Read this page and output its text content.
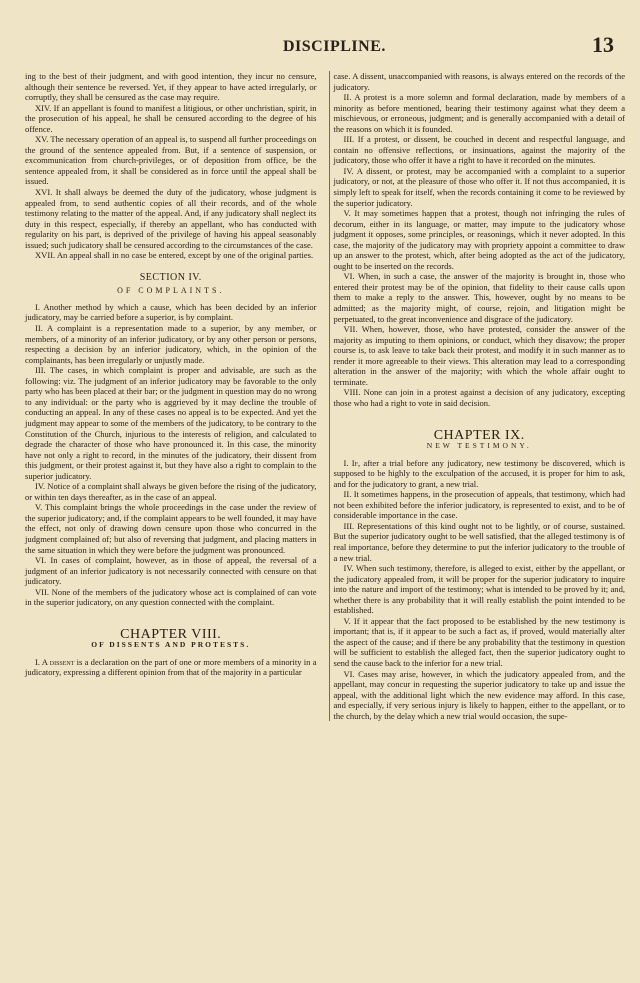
DISCIPLINE.	13

ing to the best of their judgment, and with good intention, they incur no censure, although their sentence be reversed. Yet, if they appear to have acted irregularly, or corruptly, they shall be censured as the case may require.

XIV. If an appellant is found to manifest a litigious, or other unchristian, spirit, in the prosecution of his appeal, he shall be censured according to the degree of his offence.

XV. The necessary operation of an appeal is, to suspend all further proceedings on the ground of the sentence appealed from. But, if a sentence of suspension, or excommunication from church-privileges, or of deposition from office, be the sentence appealed from, it shall be considered as in force until the appeal shall be issued.

XVI. It shall always be deemed the duty of the judicatory, whose judgment is appealed from, to send authentic copies of all their records, and of the whole testimony relating to the matter of the appeal. And, if any judicatory shall neglect its duty in this respect, especially, if thereby an appellant, who has conducted with regularity on his part, is deprived of the privilege of having his appeal seasonably issued; such judicatory shall be censured according to the circumstances of the case.

XVII. An appeal shall in no case be entered, except by one of the original parties.

SECTION IV.
OF COMPLAINTS.

I. Another method by which a cause, which has been decided by an inferior judicatory, may be carried before a superior, is by complaint.

II. A complaint is a representation made to a superior, by any member, or members, of a minority of an inferior judicatory, or by any other person or persons, respecting a decision by an inferior judicatory, which, in the opinion of the complainants, has been irregularly or unjustly made.

III. The cases, in which complaint is proper and advisable, are such as the following: viz. The judgment of an inferior judicatory may be favorable to the only party who has been placed at their bar; or the judgment in question may do no wrong to any individual: or the party who is aggrieved by it may decline the trouble of conducting an appeal. In any of these cases no appeal is to be expected. And yet the judgment may appear to some of the members of the judicatory, to be contrary to the Constitution of the Church, injurious to the interests of religion, and calculated to degrade the character of those who have pronounced it. In this case, the minority have not only a right to record, in the minutes of the judicatory, their dissent from this judgment, or their protest against it, but they have also a right to complain to the superior judicatory.

IV. Notice of a complaint shall always be given before the rising of the judicatory, or within ten days thereafter, as in the case of an appeal.

V. This complaint brings the whole proceedings in the case under the review of the superior judicatory; and, if the complaint appears to be well founded, it may have the effect, not only of drawing down censure upon those who concurred in the judgment complained of; but also of reversing that judgment, and placing matters in the same situation in which they were before the judgment was pronounced.

VI. In cases of complaint, however, as in those of appeal, the reversal of a judgment of an inferior judicatory is not necessarily connected with censure on that judicatory.

VII. None of the members of the judicatory whose act is complained of can vote in the superior judicatory, on any question connected with the complaint.

CHAPTER VIII.
OF DISSENTS AND PROTESTS.

I. A dissent is a declaration on the part of one or more members of a minority in a judicatory, expressing a different opinion from that of the majority in a particular

case. A dissent, unaccompanied with reasons, is always entered on the records of the judicatory.

II. A protest is a more solemn and formal declaration, made by members of a minority as before mentioned, bearing their testimony against what they deem a mischievous, or erroneous, judgment; and is generally accompanied with a detail of the reasons on which it is founded.

III. If a protest, or dissent, be couched in decent and respectful language, and contain no offensive reflections, or insinuations, against the majority of the judicatory, those who offer it have a right to have it recorded on the minutes.

IV. A dissent, or protest, may be accompanied with a complaint to a superior judicatory, or not, at the pleasure of those who offer it. If not thus accompanied, it is simply left to speak for itself, when the records containing it come to be reviewed by the superior judicatory.

V. It may sometimes happen that a protest, though not infringing the rules of decorum, either in its language, or matter, may impute to the judicatory whose judgment it opposes, some principles, or reasonings, which it never adopted. In this case, the majority of the judicatory may with propriety appoint a committee to draw up an answer to the protest, which, after being adopted as the act of the judicatory, ought to be inserted on the records.

VI. When, in such a case, the answer of the majority is brought in, those who entered their protest may be of the opinion, that fidelity to their cause calls upon them to make a reply to the answer. This, however, ought by no means to be admitted; as the majority might, of course, rejoin, and litigation might be perpetuated, to the great inconvenience and disgrace of the judicatory.

VII. When, however, those, who have protested, consider the answer of the majority as imputing to them opinions, or conduct, which they disavow; the proper course is, to ask leave to take back their protest, and modify it in such manner as to render it more agreeable to their views. This alteration may lead to a corresponding alteration in the answer of the majority; with which the whole affair ought to terminate.

VIII. None can join in a protest against a decision of any judicatory, excepting those who had a right to vote in said decision.

CHAPTER IX.
NEW TESTIMONY.

I. If, after a trial before any judicatory, new testimony be discovered, which is supposed to be highly to the exculpation of the accused, it is proper for him to ask, and for the judicatory to grant, a new trial.

II. It sometimes happens, in the prosecution of appeals, that testimony, which had not been exhibited before the inferior judicatory, is represented to exist, and to be of considerable importance in the case.

III. Representations of this kind ought not to be lightly, or of course, sustained. But the superior judicatory ought to be well satisfied, that the alleged testimony is of real importance, before they determine to put the inferior judicatory to the trouble of a new trial.

IV. When such testimony, therefore, is alleged to exist, either by the appellant, or the judicatory appealed from, it will be proper for the superior judicatory to inquire into the nature and import of the testimony; what is intended to be proved by it; and, whether there is any probability that it will really establish the point intended to be established.

V. If it appear that the fact proposed to be established by the new testimony is important; that is, if it appear to be such a fact as, if proved, would materially alter the aspect of the cause; and if there be any probability that the testimony in question will be sufficient to establish the alleged fact, then the superior judicatory ought to send the cause back to the inferior for a new trial.

VI. Cases may arise, however, in which the judicatory appealed from, and the appellant, may concur in requesting the superior judicatory to take up and issue the appeal, with the additional light which the new evidence may afford. In this case, and especially, if very serious injury is likely to happen, either to the appellant, or to the church, by the delay which a new trial would occasion, the supe-
